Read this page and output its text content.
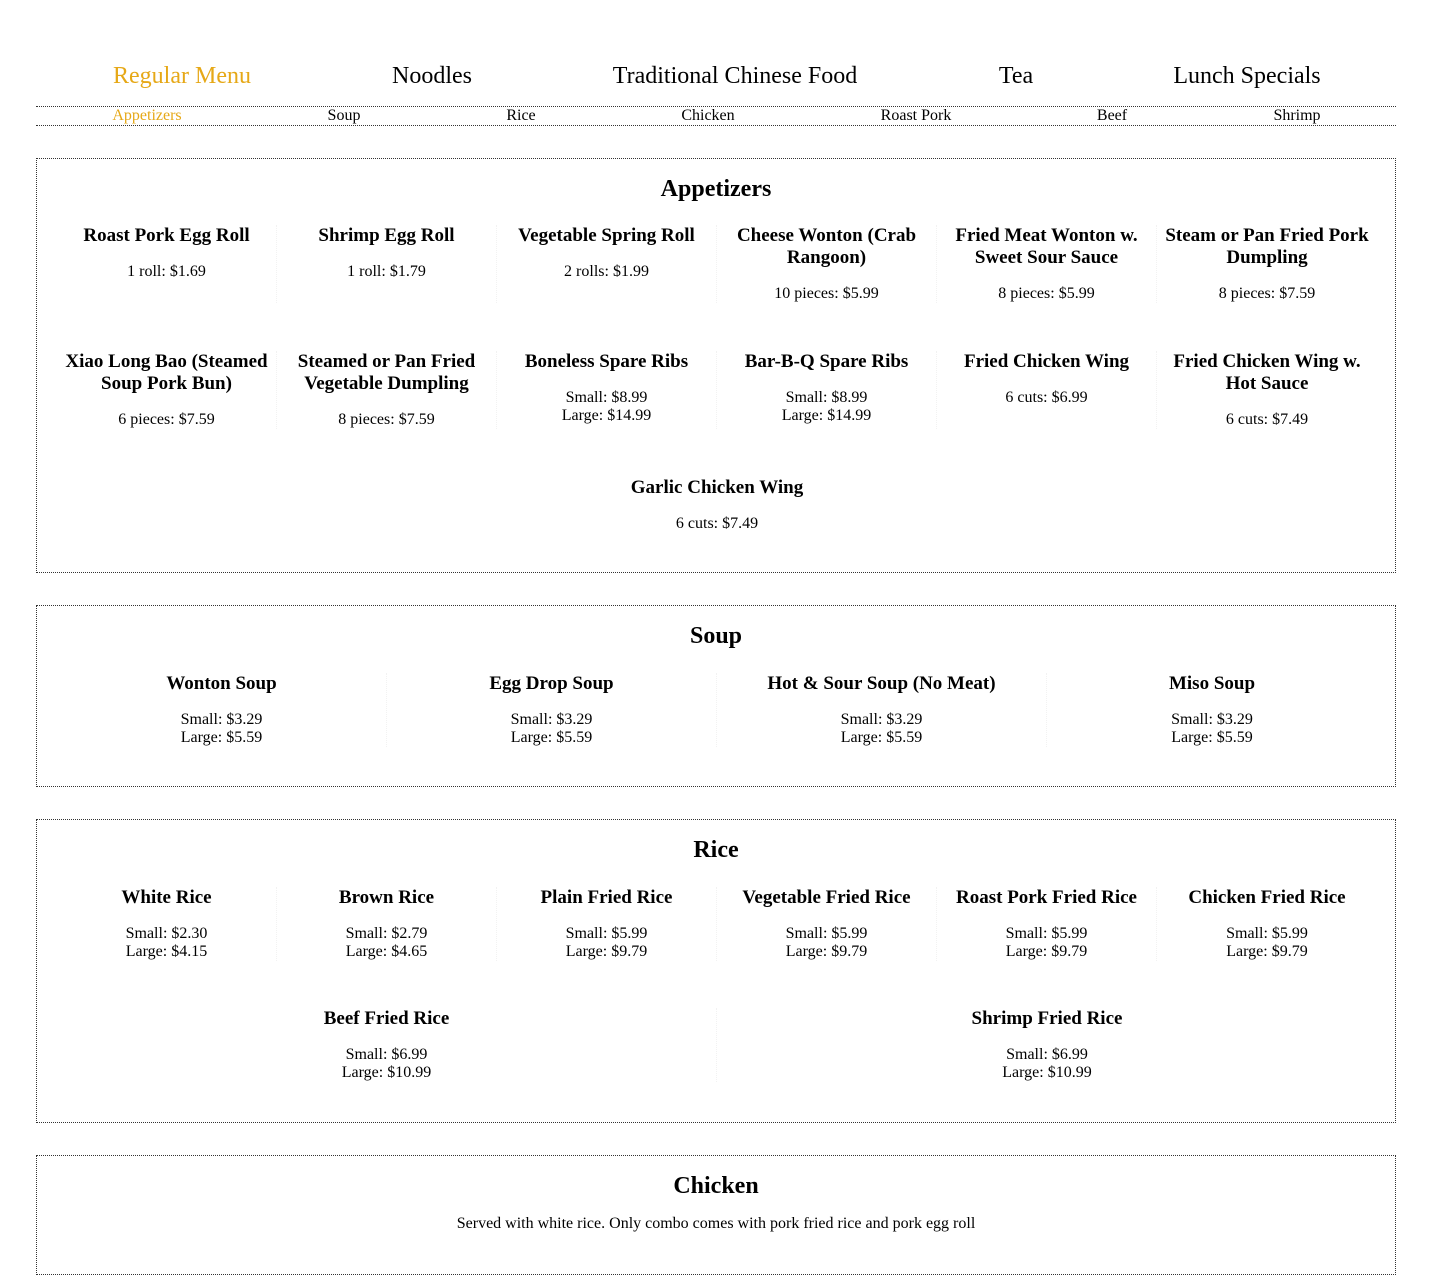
Regular Menu	Noodles	Traditional Chinese Food	Tea	Lunch Specials
Appetizers	Soup	Rice	Chicken	Roast Pork	Beef	Shrimp
Appetizers
Roast Pork Egg Roll
1 roll: $1.69
Shrimp Egg Roll
1 roll: $1.79
Vegetable Spring Roll
2 rolls: $1.99
Cheese Wonton (Crab Rangoon)
10 pieces: $5.99
Fried Meat Wonton w. Sweet Sour Sauce
8 pieces: $5.99
Steam or Pan Fried Pork Dumpling
8 pieces: $7.59
Xiao Long Bao (Steamed Soup Pork Bun)
6 pieces: $7.59
Steamed or Pan Fried Vegetable Dumpling
8 pieces: $7.59
Boneless Spare Ribs
Small: $8.99
Large: $14.99
Bar-B-Q Spare Ribs
Small: $8.99
Large: $14.99
Fried Chicken Wing
6 cuts: $6.99
Fried Chicken Wing w. Hot Sauce
6 cuts: $7.49
Garlic Chicken Wing
6 cuts: $7.49
Soup
Wonton Soup
Small: $3.29
Large: $5.59
Egg Drop Soup
Small: $3.29
Large: $5.59
Hot & Sour Soup (No Meat)
Small: $3.29
Large: $5.59
Miso Soup
Small: $3.29
Large: $5.59
Rice
White Rice
Small: $2.30
Large: $4.15
Brown Rice
Small: $2.79
Large: $4.65
Plain Fried Rice
Small: $5.99
Large: $9.79
Vegetable Fried Rice
Small: $5.99
Large: $9.79
Roast Pork Fried Rice
Small: $5.99
Large: $9.79
Chicken Fried Rice
Small: $5.99
Large: $9.79
Beef Fried Rice
Small: $6.99
Large: $10.99
Shrimp Fried Rice
Small: $6.99
Large: $10.99
Chicken
Served with white rice. Only combo comes with pork fried rice and pork egg roll
